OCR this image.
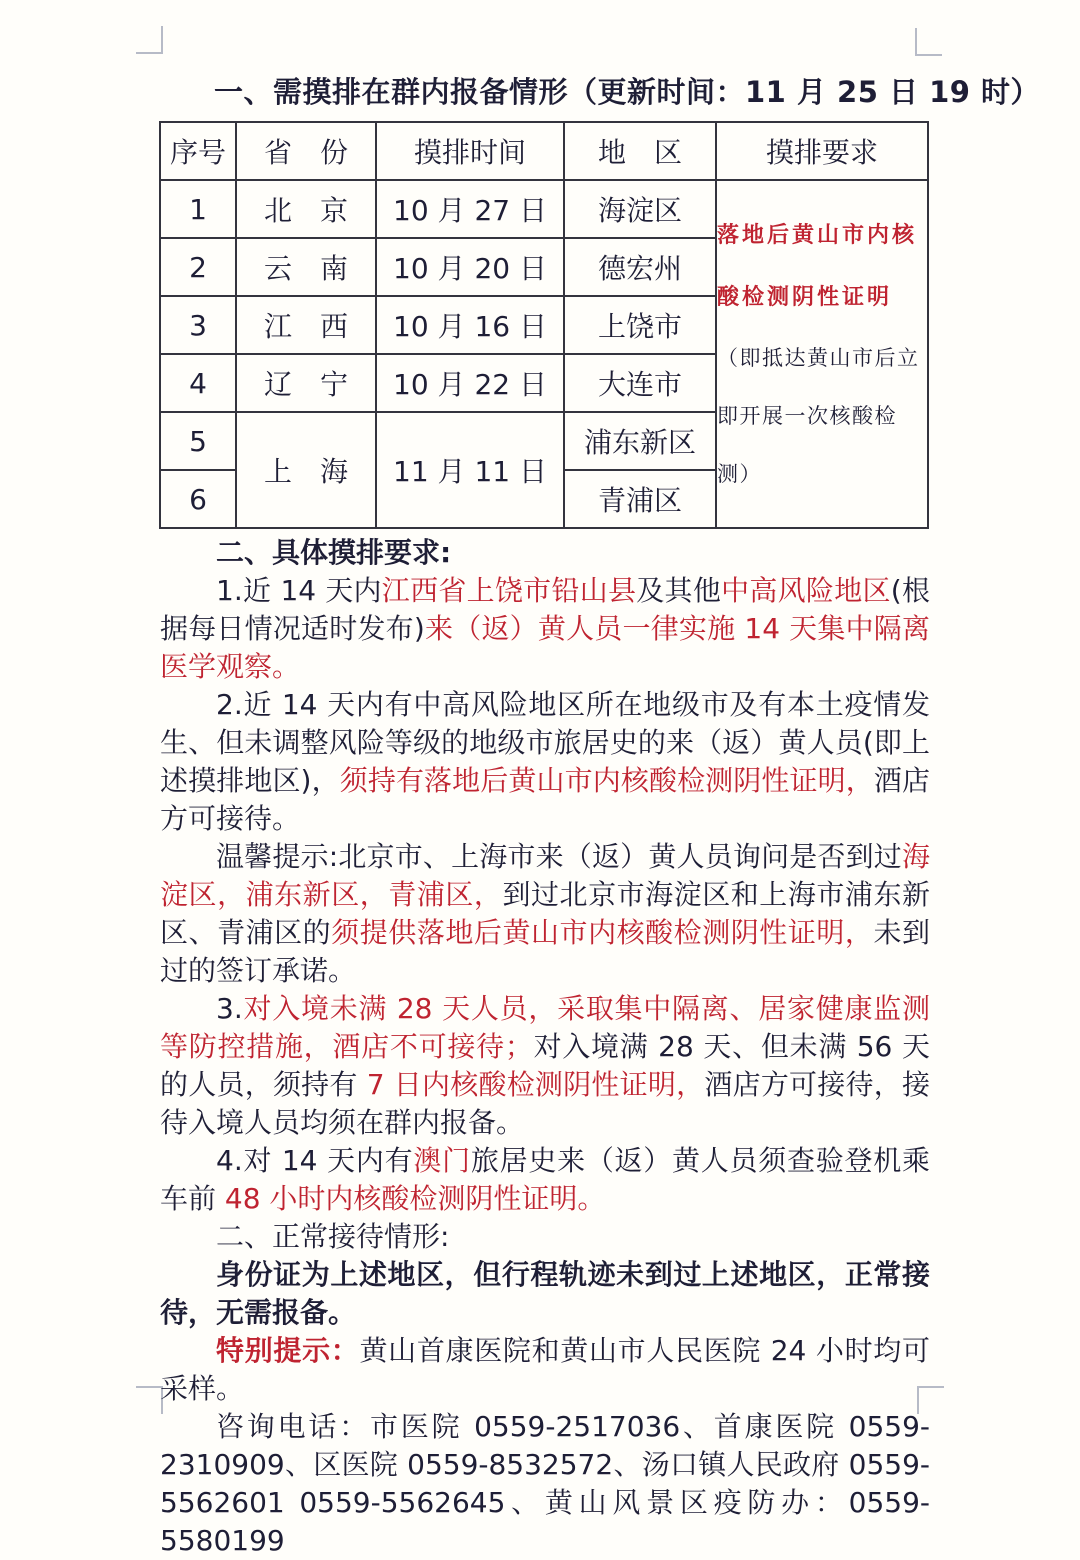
一、需摸排在群内报备情形（更新时间：11 月 25 日 19 时）
序号	省　份	摸排时间	地　区	摸排要求
1	北　京	10 月 27 日	海淀区	落地后黄山市内核酸检测阴性证明

（即抵达黄山市后立即开展一次核酸检测）

2	云　南	10 月 20 日	德宏州	
3	江　西	10 月 16 日	上饶市	
4	辽　宁	10 月 22 日	大连市	
5	上　海	11 月 11 日	浦东新区	
6			青浦区	

二、具体摸排要求:

1.近 14 天内江西省上饶市铅山县及其他中高风险地区(根据每日情况适时发布)来（返）黄人员一律实施 14 天集中隔离医学观察。

2.近 14 天内有中高风险地区所在地级市及有本土疫情发生、但未调整风险等级的地级市旅居史的来（返）黄人员(即上述摸排地区)，须持有落地后黄山市内核酸检测阴性证明，酒店方可接待。

温馨提示:北京市、上海市来（返）黄人员询问是否到过海淀区，浦东新区，青浦区，到过北京市海淀区和上海市浦东新区、青浦区的须提供落地后黄山市内核酸检测阴性证明，未到过的签订承诺。

3.对入境未满 28 天人员，采取集中隔离、居家健康监测等防控措施，酒店不可接待；对入境满 28 天、但未满 56 天的人员，须持有 7 日内核酸检测阴性证明，酒店方可接待，接待入境人员均须在群内报备。

4.对 14 天内有澳门旅居史来（返）黄人员须查验登机乘车前 48 小时内核酸检测阴性证明。

二、正常接待情形:

身份证为上述地区，但行程轨迹未到过上述地区，正常接待，无需报备。

特别提示：黄山首康医院和黄山市人民医院 24 小时均可采样。

咨询电话：市医院 0559-2517036、首康医院 0559-2310909、区医院 0559-8532572、汤口镇人民政府 0559-5562601 0559-5562645、黄山风景区疫防办：0559-5580199
